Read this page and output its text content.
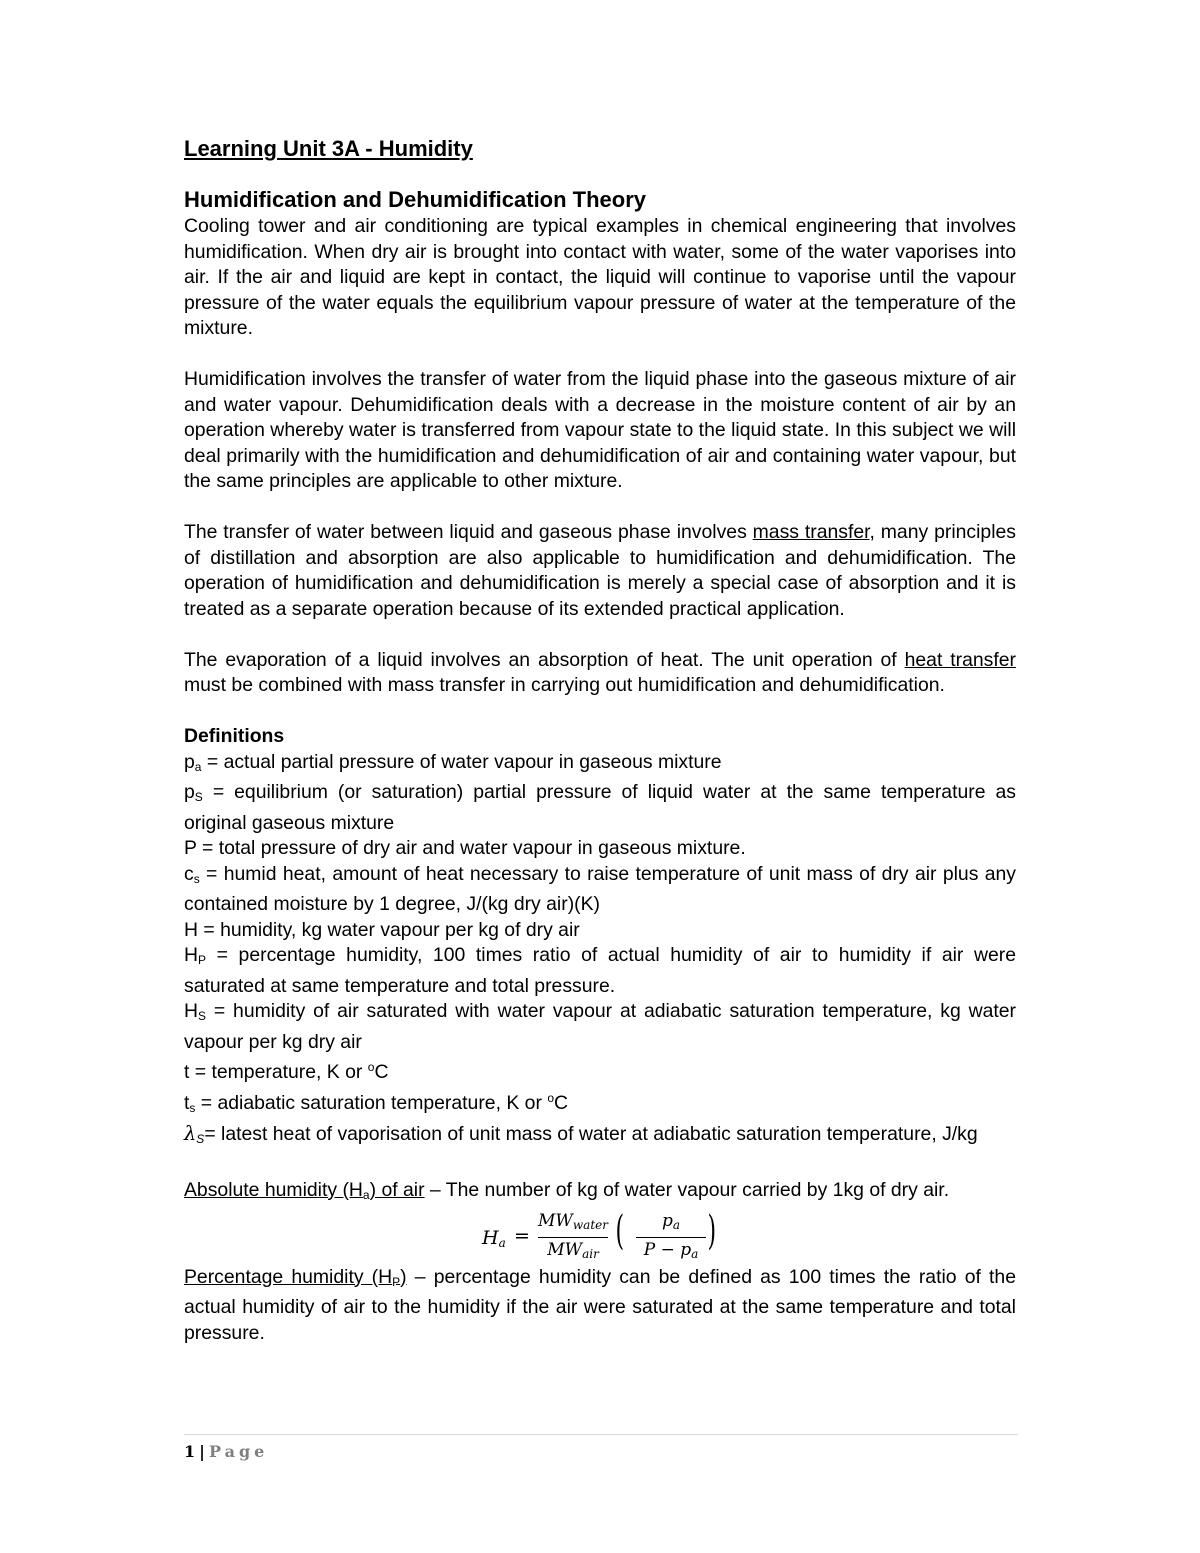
Learning Unit 3A - Humidity
Humidification and Dehumidification Theory

Cooling tower and air conditioning are typical examples in chemical engineering that involves humidification. When dry air is brought into contact with water, some of the water vaporises into air. If the air and liquid are kept in contact, the liquid will continue to vaporise until the vapour pressure of the water equals the equilibrium vapour pressure of water at the temperature of the mixture.

Humidification involves the transfer of water from the liquid phase into the gaseous mixture of air and water vapour. Dehumidification deals with a decrease in the moisture content of air by an operation whereby water is transferred from vapour state to the liquid state. In this subject we will deal primarily with the humidification and dehumidification of air and containing water vapour, but the same principles are applicable to other mixture.

The transfer of water between liquid and gaseous phase involves mass transfer, many principles of distillation and absorption are also applicable to humidification and dehumidification. The operation of humidification and dehumidification is merely a special case of absorption and it is treated as a separate operation because of its extended practical application.

The evaporation of a liquid involves an absorption of heat. The unit operation of heat transfer must be combined with mass transfer in carrying out humidification and dehumidification.

Definitions

$p_a$ = actual partial pressure of water vapour in gaseous mixture

$p_S$ = equilibrium (or saturation) partial pressure of liquid water at the same temperature as original gaseous mixture

P = total pressure of dry air and water vapour in gaseous mixture.

$c_s$ = humid heat, amount of heat necessary to raise temperature of unit mass of dry air plus any contained moisture by 1 degree, J/(kg dry air)(K)

H = humidity, kg water vapour per kg of dry air

$H_P$ = percentage humidity, 100 times ratio of actual humidity of air to humidity if air were saturated at same temperature and total pressure.

$H_S$ = humidity of air saturated with water vapour at adiabatic saturation temperature, kg water vapour per kg dry air

t = temperature, K or $^o$C

$t_s$ = adiabatic saturation temperature, K or $^o$C

$\lambda_S=$ latest heat of vaporisation of unit mass of water at adiabatic saturation temperature, J/kg

Absolute humidity $(H_a)$ of air – The number of kg of water vapour carried by 1kg of dry air.

$H_a$ =
$MW_{water}$
$MW_{air}$ (	$p_a$
$P - p_a$ )

Percentage humidity $(H_P)$ – percentage humidity can be defined as 100 times the ratio of the actual humidity of air to the humidity if the air were saturated at the same temperature and total pressure.

1 | Page
